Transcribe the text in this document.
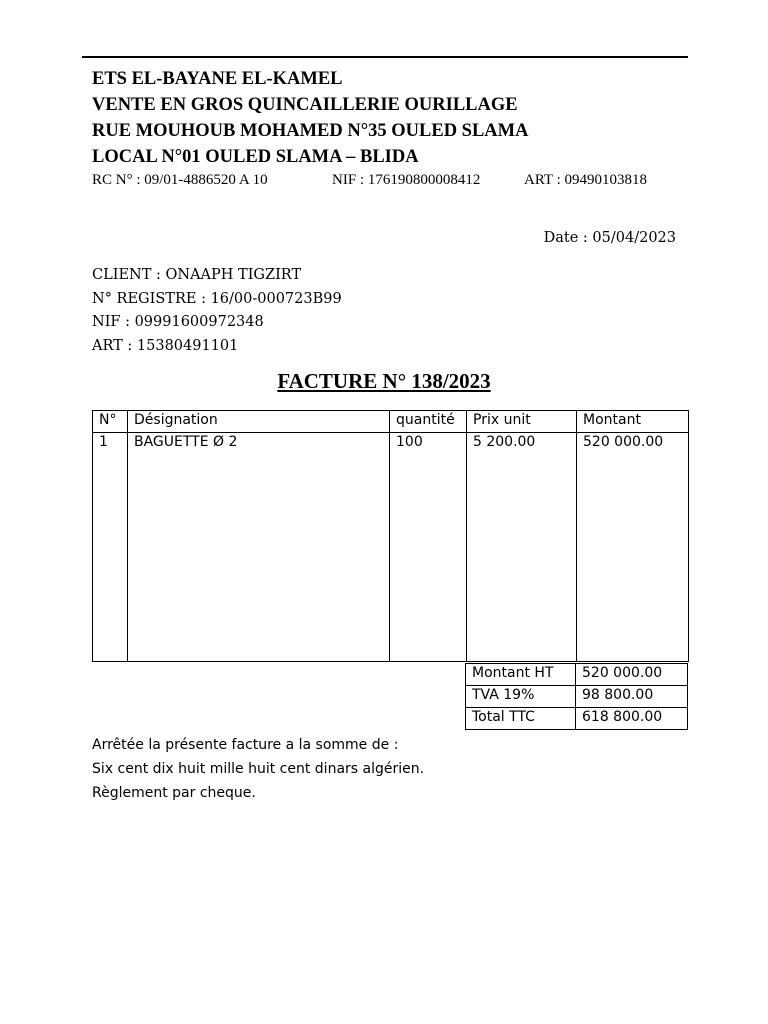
ETS EL-BAYANE EL-KAMEL
VENTE EN GROS QUINCAILLERIE OURILLAGE
RUE MOUHOUB MOHAMED N°35 OULED SLAMA
LOCAL N°01 OULED SLAMA – BLIDA
RC N° : 09/01-4886520 A 10	NIF : 176190800008412	ART : 09490103818
Date : 05/04/2023
CLIENT : ONAAPH TIGZIRT
N° REGISTRE : 16/00-000723B99
NIF : 09991600972348
ART : 15380491101
FACTURE N° 138/2023
N°	Désignation	quantité	Prix unit	Montant
1	BAGUETTE Ø 2	100	5 200.00	520 000.00

Montant HT	520 000.00
TVA 19%	98 800.00
Total TTC	618 800.00
Arrêtée la présente facture a la somme de :
Six cent dix huit mille huit cent dinars algérien.
Règlement par cheque.
